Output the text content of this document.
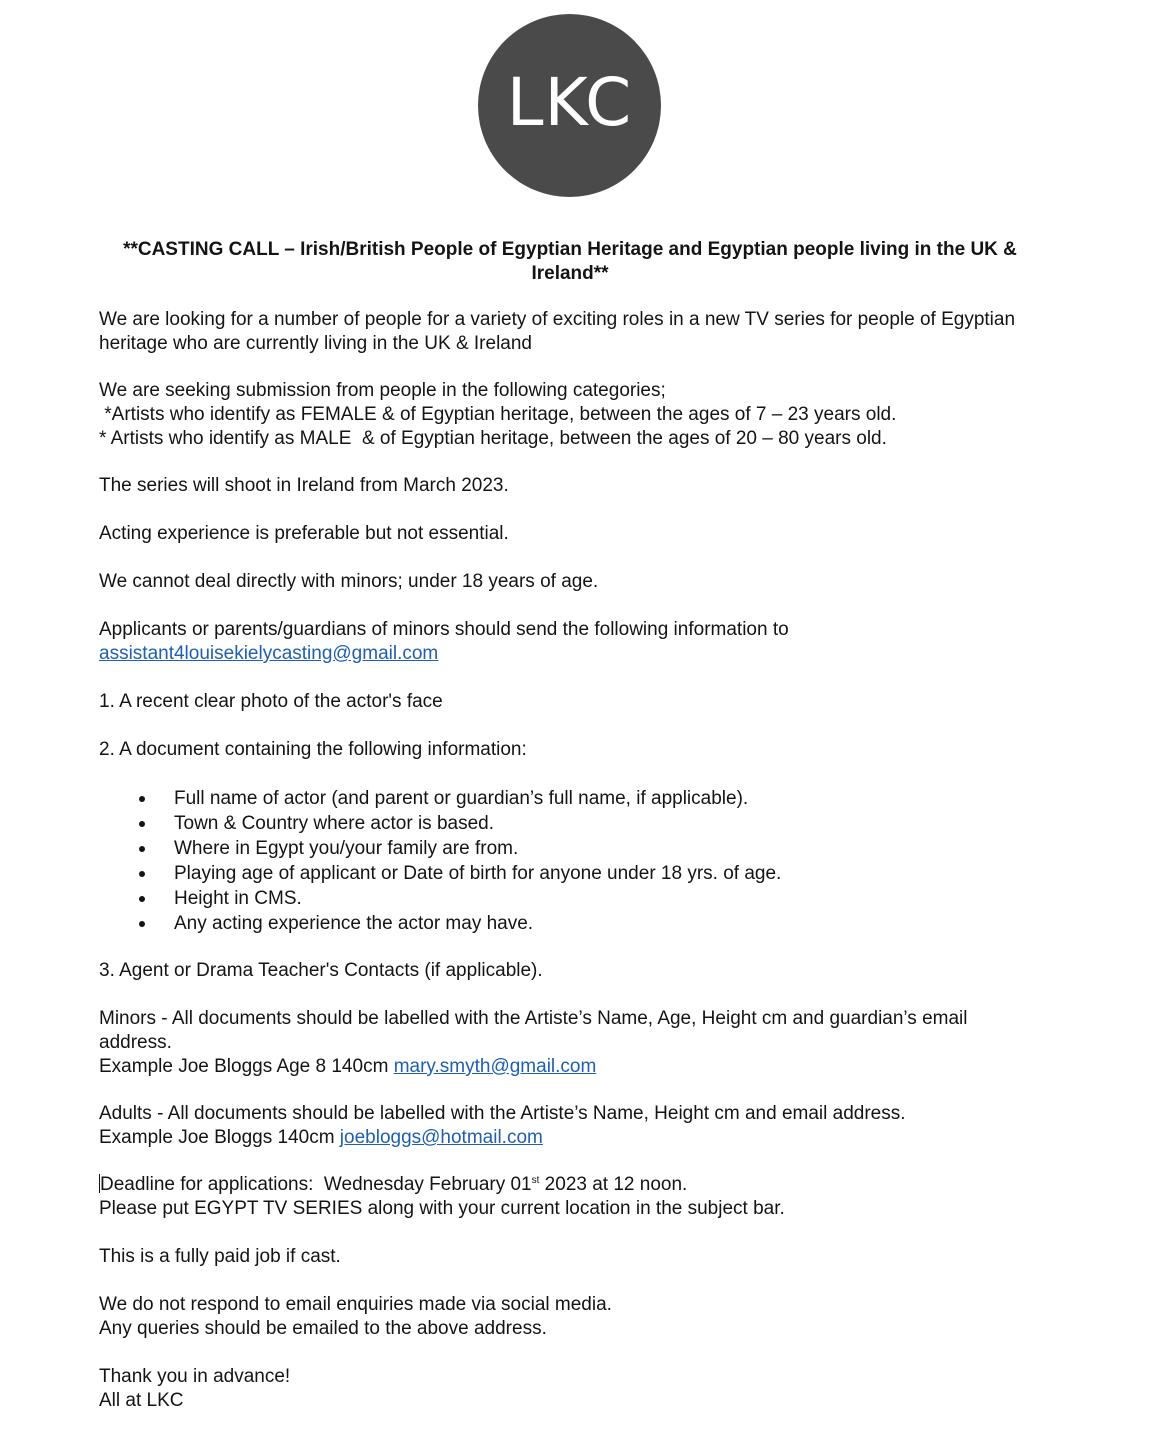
LKC
**CASTING CALL – Irish/British People of Egyptian Heritage and Egyptian people living in the UK & Ireland**

We are looking for a number of people for a variety of exciting roles in a new TV series for people of Egyptian heritage who are currently living in the UK & Ireland

We are seeking submission from people in the following categories;

*Artists who identify as FEMALE & of Egyptian heritage, between the ages of 7 – 23 years old.

* Artists who identify as MALE  & of Egyptian heritage, between the ages of 20 – 80 years old.

The series will shoot in Ireland from March 2023.

Acting experience is preferable but not essential.

We cannot deal directly with minors; under 18 years of age.

Applicants or parents/guardians of minors should send the following information to

assistant4louisekielycasting@gmail.com

1. A recent clear photo of the actor's face

2. A document containing the following information:

Full name of actor (and parent or guardian’s full name, if applicable).
Town & Country where actor is based.
Where in Egypt you/your family are from.
Playing age of applicant or Date of birth for anyone under 18 yrs. of age.
Height in CMS.
Any acting experience the actor may have.

3. Agent or Drama Teacher's Contacts (if applicable).

Minors - All documents should be labelled with the Artiste’s Name, Age, Height cm and guardian’s email address.

Example Joe Bloggs Age 8 140cm mary.smyth@gmail.com

Adults - All documents should be labelled with the Artiste’s Name, Height cm and email address.

Example Joe Bloggs 140cm joebloggs@hotmail.com

Deadline for applications:  Wednesday February 01st 2023 at 12 noon.

Please put EGYPT TV SERIES along with your current location in the subject bar.

This is a fully paid job if cast.

We do not respond to email enquiries made via social media.

Any queries should be emailed to the above address.

Thank you in advance!

All at LKC
